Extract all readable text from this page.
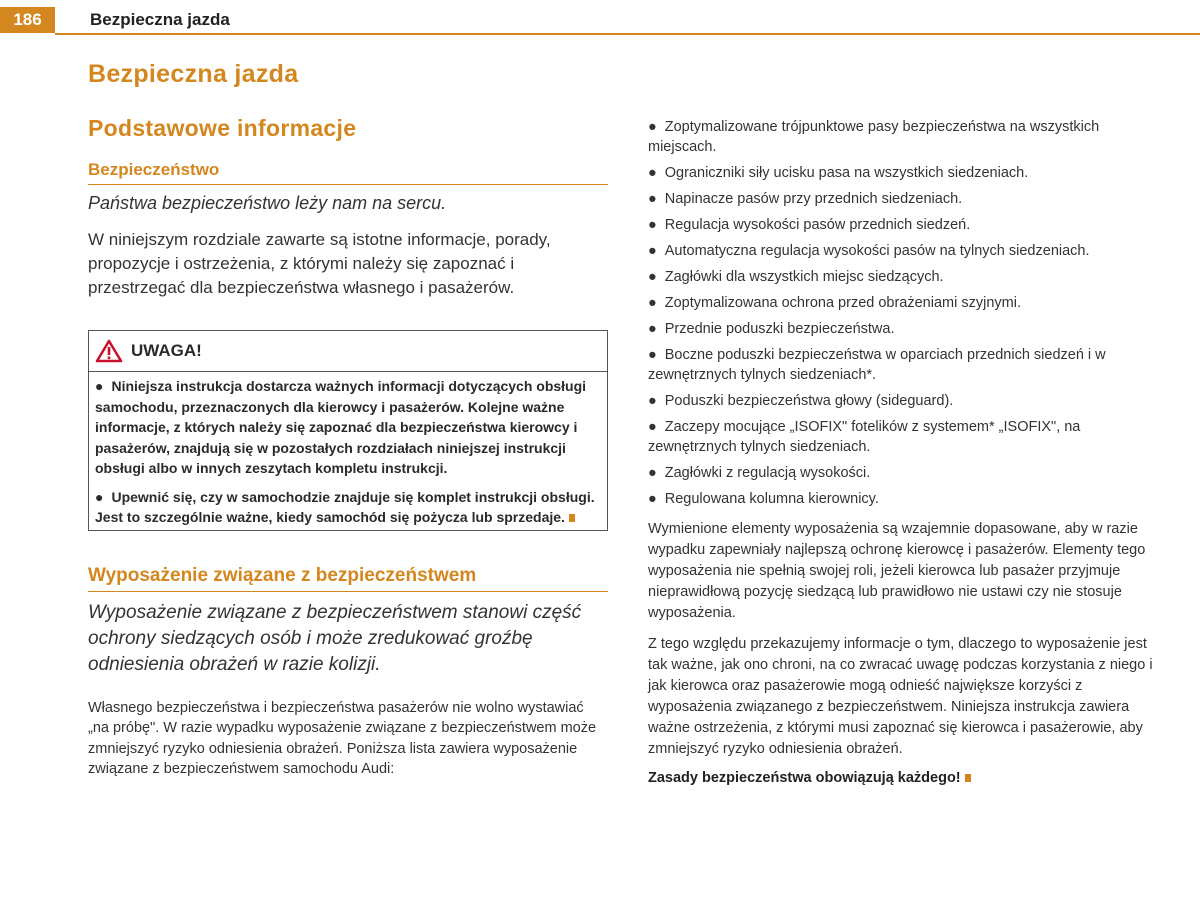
186	Bezpieczna jazda
Bezpieczna jazda
Podstawowe informacje
Bezpieczeństwo

Państwa bezpieczeństwo leży nam na sercu.

W niniejszym rozdziale zawarte są istotne informacje, porady, propozycje i ostrzeżenia, z którymi należy się zapoznać i przestrzegać dla bezpieczeństwa własnego i pasażerów.

UWAGA!

● Niniejsza instrukcja dostarcza ważnych informacji dotyczących obsługi samochodu, przeznaczonych dla kierowcy i pasażerów. Kolejne ważne informacje, z których należy się zapoznać dla bezpieczeństwa kierowcy i pasażerów, znajdują się w pozostałych rozdziałach niniejszej instrukcji obsługi albo w innych zeszytach kompletu instrukcji.

● Upewnić się, czy w samochodzie znajduje się komplet instrukcji obsługi. Jest to szczególnie ważne, kiedy samochód się pożycza lub sprzedaje.

Wyposażenie związane z bezpieczeństwem

Wyposażenie związane z bezpieczeństwem stanowi część ochrony siedzących osób i może zredukować groźbę odniesienia obrażeń w razie kolizji.

Własnego bezpieczeństwa i bezpieczeństwa pasażerów nie wolno wystawiać „na próbę". W razie wypadku wyposażenie związane z bezpieczeństwem może zmniejszyć ryzyko odniesienia obrażeń. Poniższa lista zawiera wyposażenie związane z bezpieczeństwem samochodu Audi:

● Zoptymalizowane trójpunktowe pasy bezpieczeństwa na wszystkich miejscach.
● Ograniczniki siły ucisku pasa na wszystkich siedzeniach.
● Napinacze pasów przy przednich siedzeniach.
● Regulacja wysokości pasów przednich siedzeń.
● Automatyczna regulacja wysokości pasów na tylnych siedzeniach.
● Zagłówki dla wszystkich miejsc siedzących.
● Zoptymalizowana ochrona przed obrażeniami szyjnymi.
● Przednie poduszki bezpieczeństwa.
● Boczne poduszki bezpieczeństwa w oparciach przednich siedzeń i w zewnętrznych tylnych siedzeniach*.
● Poduszki bezpieczeństwa głowy (sideguard).
● Zaczepy mocujące „ISOFIX" fotelików z systemem* „ISOFIX", na zewnętrznych tylnych siedzeniach.
● Zagłówki z regulacją wysokości.
● Regulowana kolumna kierownicy.

Wymienione elementy wyposażenia są wzajemnie dopasowane, aby w razie wypadku zapewniały najlepszą ochronę kierowcę i pasażerów. Elementy tego wyposażenia nie spełnią swojej roli, jeżeli kierowca lub pasażer przyjmuje nieprawidłową pozycję siedzącą lub prawidłowo nie ustawi czy nie stosuje wyposażenia.

Z tego względu przekazujemy informacje o tym, dlaczego to wyposażenie jest tak ważne, jak ono chroni, na co zwracać uwagę podczas korzystania z niego i jak kierowca oraz pasażerowie mogą odnieść największe korzyści z wyposażenia związanego z bezpieczeństwem. Niniejsza instrukcja zawiera ważne ostrzeżenia, z którymi musi zapoznać się kierowca i pasażerowie, aby zmniejszyć ryzyko odniesienia obrażeń.

Zasady bezpieczeństwa obowiązują każdego!
